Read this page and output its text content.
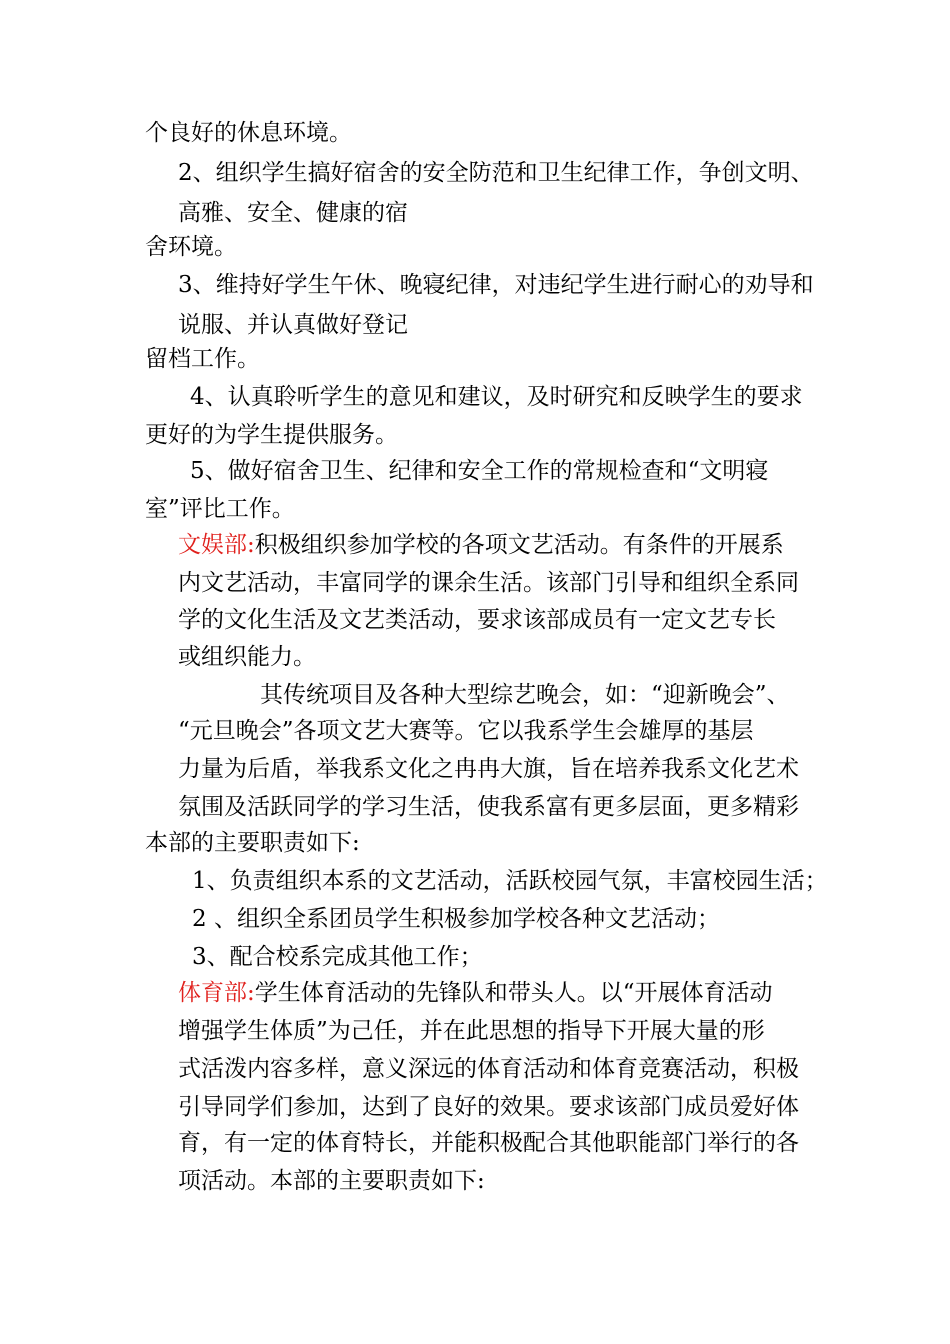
个良好的休息环境。
2、组织学生搞好宿舍的安全防范和卫生纪律工作，争创文明、
高雅、安全、健康的宿
舍环境。
3、维持好学生午休、晚寝纪律，对违纪学生进行耐心的劝导和
说服、并认真做好登记
留档工作。
4、认真聆听学生的意见和建议，及时研究和反映学生的要求
更好的为学生提供服务。
5、做好宿舍卫生、纪律和安全工作的常规检查和“文明寝
室”评比工作。
文娱部:积极组织参加学校的各项文艺活动。有条件的开展系
内文艺活动，丰富同学的课余生活。该部门引导和组织全系同
学的文化生活及文艺类活动，要求该部成员有一定文艺专长
或组织能力。
其传统项目及各种大型综艺晚会，如：“迎新晚会”、
“元旦晚会”各项文艺大赛等。它以我系学生会雄厚的基层
力量为后盾，举我系文化之冉冉大旗，旨在培养我系文化艺术
氛围及活跃同学的学习生活，使我系富有更多层面，更多精彩
本部的主要职责如下:
1、负责组织本系的文艺活动，活跃校园气氛，丰富校园生活；
2 、组织全系团员学生积极参加学校各种文艺活动；
3、配合校系完成其他工作；
体育部:学生体育活动的先锋队和带头人。以“开展体育活动
增强学生体质”为己任，并在此思想的指导下开展大量的形
式活泼内容多样，意义深远的体育活动和体育竞赛活动，积极
引导同学们参加，达到了良好的效果。要求该部门成员爱好体
育，有一定的体育特长，并能积极配合其他职能部门举行的各
项活动。本部的主要职责如下:
